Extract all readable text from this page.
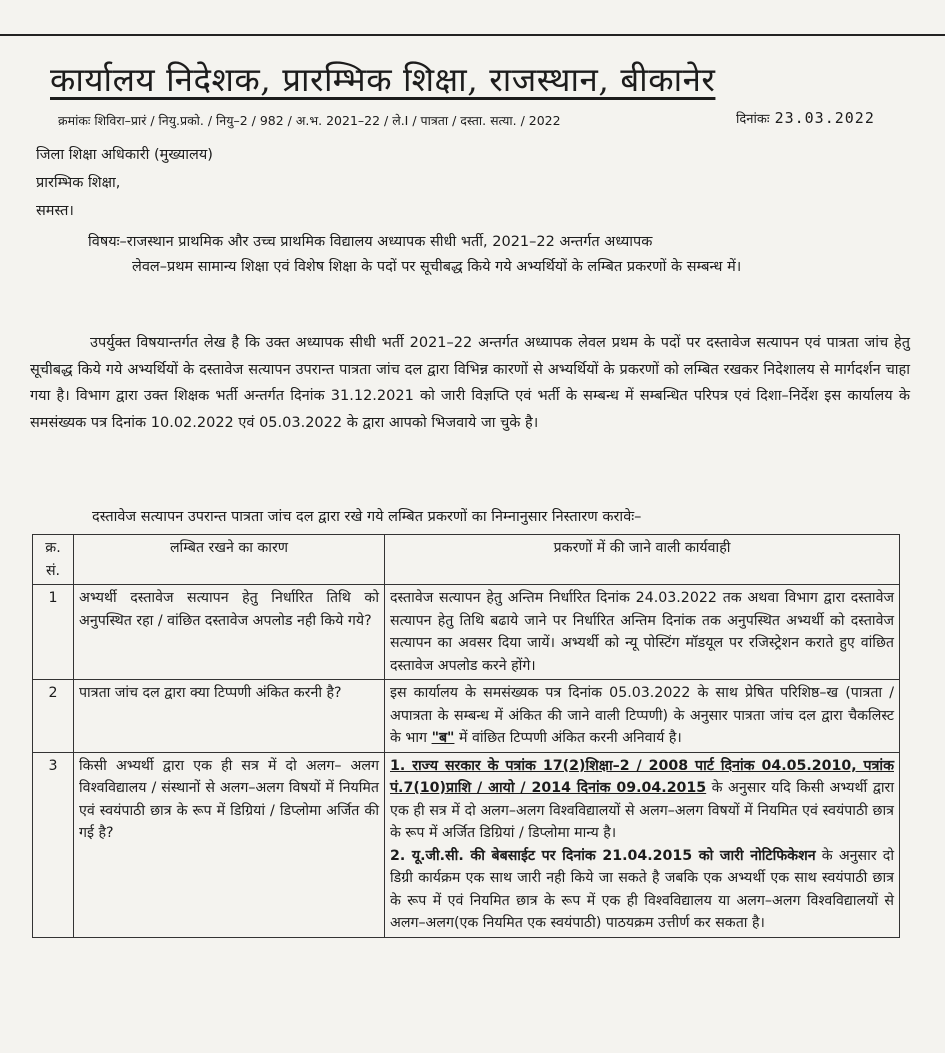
कार्यालय निदेशक, प्रारम्भिक शिक्षा, राजस्थान, बीकानेर
क्रमांकः शिविरा–प्रारं / नियु.प्रको. / नियु–2 / 982 / अ.भ. 2021–22 / ले.I / पात्रता / दस्ता. सत्या. / 2022	दिनांकः 23.03.2022
जिला शिक्षा अधिकारी (मुख्यालय)
प्रारम्भिक शिक्षा,
समस्त।
विषयः–राजस्थान प्राथमिक और उच्च प्राथमिक विद्यालय अध्यापक सीधी भर्ती, 2021–22 अन्तर्गत अध्यापक
लेवल–प्रथम सामान्य शिक्षा एवं विशेष शिक्षा के पदों पर सूचीबद्ध किये गये अभ्यर्थियों के लम्बित प्रकरणों के सम्बन्ध में।
उपर्युक्त विषयान्तर्गत लेख है कि उक्त अध्यापक सीधी भर्ती 2021–22 अन्तर्गत अध्यापक लेवल प्रथम के पदों पर दस्तावेज सत्यापन एवं पात्रता जांच हेतु सूचीबद्ध किये गये अभ्यर्थियों के दस्तावेज सत्यापन उपरान्त पात्रता जांच दल द्वारा विभिन्न कारणों से अभ्यर्थियों के प्रकरणों को लम्बित रखकर निदेशालय से मार्गदर्शन चाहा गया है। विभाग द्वारा उक्त शिक्षक भर्ती अन्तर्गत दिनांक 31.12.2021 को जारी विज्ञप्ति एवं भर्ती के सम्बन्ध में सम्बन्धित परिपत्र एवं दिशा–निर्देश इस कार्यालय के समसंख्यक पत्र दिनांक 10.02.2022 एवं 05.03.2022 के द्वारा आपको भिजवाये जा चुके है।
दस्तावेज सत्यापन उपरान्त पात्रता जांच दल द्वारा रखे गये लम्बित प्रकरणों का निम्नानुसार निस्तारण करावेः–
क्र. सं.	लम्बित रखने का कारण	प्रकरणों में की जाने वाली कार्यवाही
1	अभ्यर्थी दस्तावेज सत्यापन हेतु निर्धारित तिथि को अनुपस्थित रहा / वांछित दस्तावेज अपलोड नही किये गये?	दस्तावेज सत्यापन हेतु अन्तिम निर्धारित दिनांक 24.03.2022 तक अथवा विभाग द्वारा दस्तावेज सत्यापन हेतु तिथि बढाये जाने पर निर्धारित अन्तिम दिनांक तक अनुपस्थित अभ्यर्थी को दस्तावेज सत्यापन का अवसर दिया जायें। अभ्यर्थी को न्यू पोस्टिंग मॉडयूल पर रजिस्ट्रेशन कराते हुए वांछित दस्तावेज अपलोड करने होंगे।
2	पात्रता जांच दल द्वारा क्या टिप्पणी अंकित करनी है?	इस कार्यालय के समसंख्यक पत्र दिनांक 05.03.2022 के साथ प्रेषित परिशिष्ठ–ख (पात्रता / अपात्रता के सम्बन्ध में अंकित की जाने वाली टिप्पणी) के अनुसार पात्रता जांच दल द्वारा चैकलिस्ट के भाग "ब" में वांछित टिप्पणी अंकित करनी अनिवार्य है।
3	किसी अभ्यर्थी द्वारा एक ही सत्र में दो अलग– अलग विश्वविद्यालय / संस्थानों से अलग–अलग विषयों में नियमित एवं स्वयंपाठी छात्र के रूप में डिग्रियां / डिप्लोमा अर्जित की गई है?	1. राज्य सरकार के पत्रांक 17(2)शिक्षा–2 / 2008 पार्ट दिनांक 04.05.2010, पत्रांक पं.7(10)प्राशि / आयो / 2014 दिनांक 09.04.2015 के अनुसार यदि किसी अभ्यर्थी द्वारा एक ही सत्र में दो अलग–अलग विश्वविद्यालयों से अलग–अलग विषयों में नियमित एवं स्वयंपाठी छात्र के रूप में अर्जित डिग्रियां / डिप्लोमा मान्य है।
2. यू.जी.सी. की बेबसाईट पर दिनांक 21.04.2015 को जारी नोटिफिकेशन के अनुसार दो डिग्री कार्यक्रम एक साथ जारी नही किये जा सकते है जबकि एक अभ्यर्थी एक साथ स्वयंपाठी छात्र के रूप में एवं नियमित छात्र के रूप में एक ही विश्वविद्यालय या अलग–अलग विश्वविद्यालयों से अलग–अलग(एक नियमित एक स्वयंपाठी) पाठयक्रम उत्तीर्ण कर सकता है।
